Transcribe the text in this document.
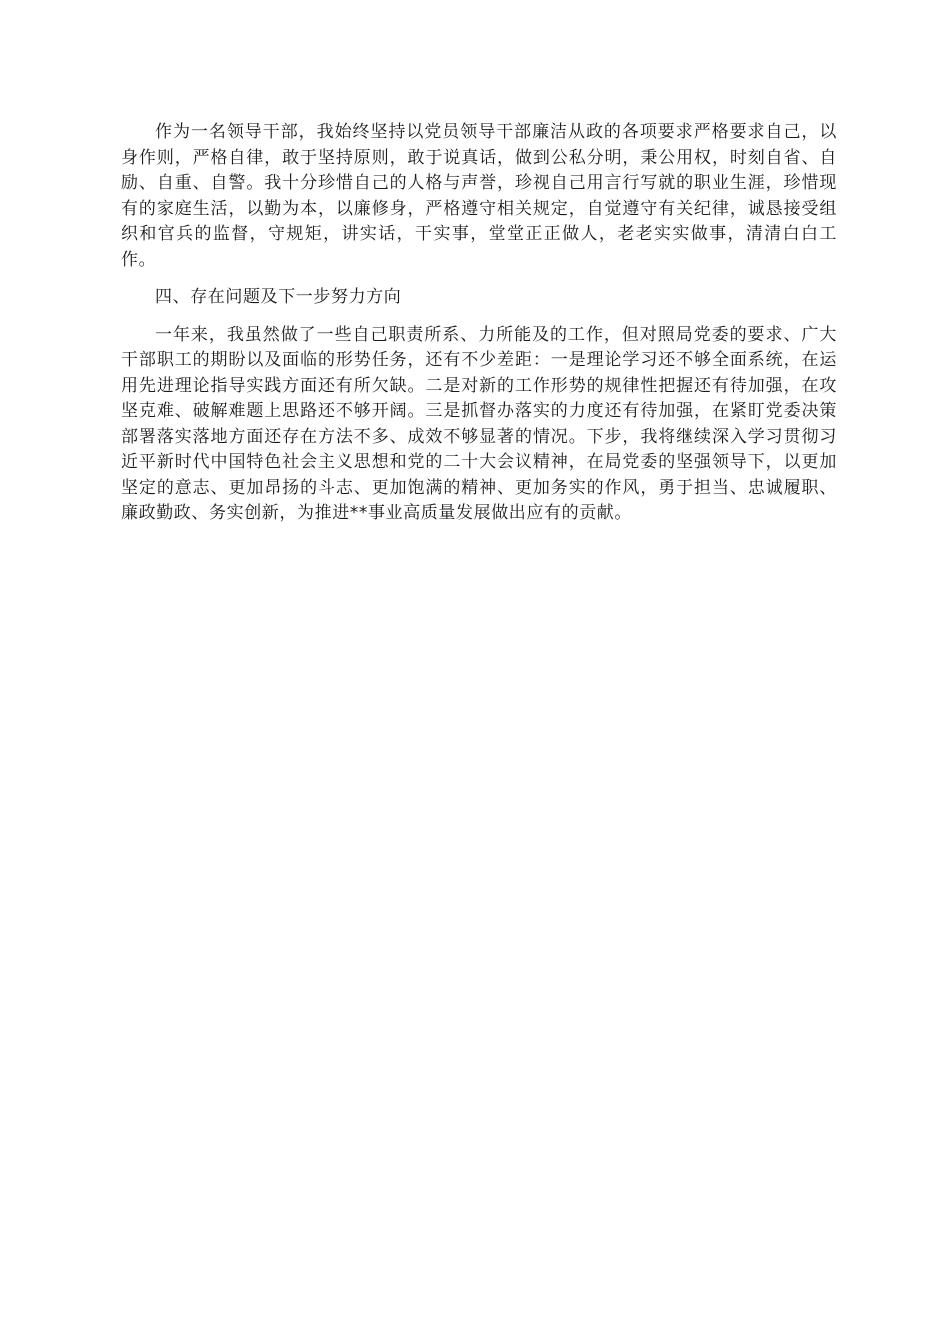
作为一名领导干部，我始终坚持以党员领导干部廉洁从政的各项要求严格要求自己，以身作则，严格自律，敢于坚持原则，敢于说真话，做到公私分明，秉公用权，时刻自省、自励、自重、自警。我十分珍惜自己的人格与声誉，珍视自己用言行写就的职业生涯，珍惜现有的家庭生活，以勤为本，以廉修身，严格遵守相关规定，自觉遵守有关纪律，诚恳接受组织和官兵的监督，守规矩，讲实话，干实事，堂堂正正做人，老老实实做事，清清白白工作。

四、存在问题及下一步努力方向

一年来，我虽然做了一些自己职责所系、力所能及的工作，但对照局党委的要求、广大干部职工的期盼以及面临的形势任务，还有不少差距：一是理论学习还不够全面系统，在运用先进理论指导实践方面还有所欠缺。二是对新的工作形势的规律性把握还有待加强，在攻坚克难、破解难题上思路还不够开阔。三是抓督办落实的力度还有待加强，在紧盯党委决策部署落实落地方面还存在方法不多、成效不够显著的情况。下步，我将继续深入学习贯彻习近平新时代中国特色社会主义思想和党的二十大会议精神，在局党委的坚强领导下，以更加坚定的意志、更加昂扬的斗志、更加饱满的精神、更加务实的作风，勇于担当、忠诚履职、廉政勤政、务实创新，为推进**事业高质量发展做出应有的贡献。
